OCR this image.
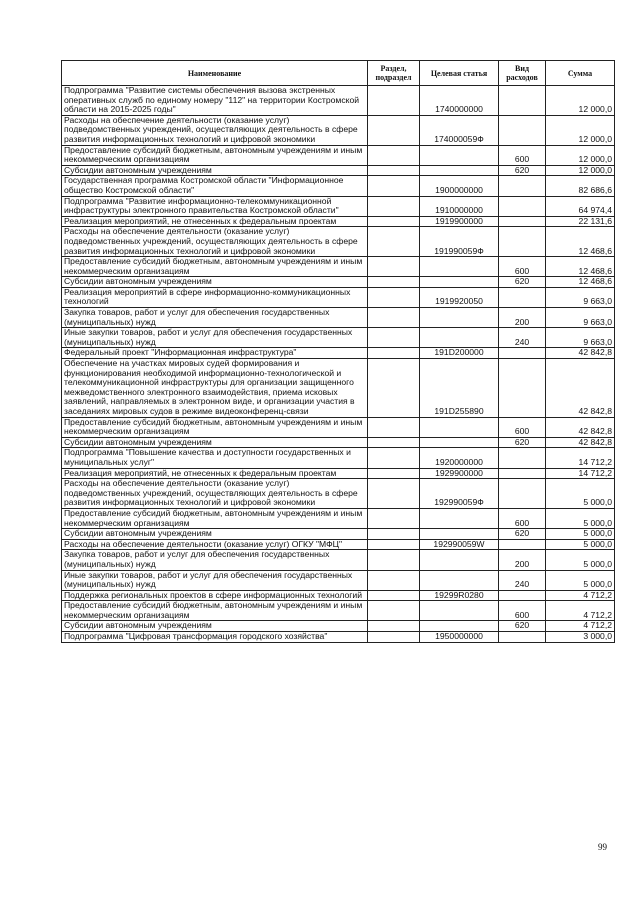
Наименование	Раздел, подраздел	Целевая статья	Вид расходов	Сумма
Подпрограмма "Развитие системы обеспечения вызова экстренных оперативных служб по единому номеру "112" на территории Костромской области на 2015-2025 годы"		1740000000		12 000,0
Расходы на обеспечение деятельности (оказание услуг) подведомственных учреждений, осуществляющих деятельность в сфере развития информационных технологий и цифровой экономики		174000059Ф		12 000,0
Предоставление субсидий бюджетным, автономным учреждениям и иным некоммерческим организациям			600	12 000,0
Субсидии автономным учреждениям			620	12 000,0
Государственная программа Костромской области "Информационное общество Костромской области"		1900000000		82 686,6
Подпрограмма "Развитие информационно-телекоммуникационной инфраструктуры электронного правительства Костромской области"		1910000000		64 974,4
Реализация мероприятий, не отнесенных к федеральным проектам		1919900000		22 131,6
Расходы на обеспечение деятельности (оказание услуг) подведомственных учреждений, осуществляющих деятельность в сфере развития информационных технологий и цифровой экономики		191990059Ф		12 468,6
Предоставление субсидий бюджетным, автономным учреждениям и иным некоммерческим организациям			600	12 468,6
Субсидии автономным учреждениям			620	12 468,6
Реализация мероприятий в сфере информационно-коммуникационных технологий		1919920050		9 663,0
Закупка товаров, работ и услуг для обеспечения государственных (муниципальных) нужд			200	9 663,0
Иные закупки товаров, работ и услуг для обеспечения государственных (муниципальных) нужд			240	9 663,0
Федеральный проект "Информационная инфраструктура"		191D200000		42 842,8
Обеспечение на участках мировых судей формирования и функционирования необходимой информационно-технологической и телекоммуникационной инфраструктуры для организации защищенного межведомственного электронного взаимодействия, приема исковых заявлений, направляемых в электронном виде, и организации участия в заседаниях мировых судов в режиме видеоконференц-связи		191D255890		42 842,8
Предоставление субсидий бюджетным, автономным учреждениям и иным некоммерческим организациям			600	42 842,8
Субсидии автономным учреждениям			620	42 842,8
Подпрограмма "Повышение качества и доступности государственных и муниципальных услуг"		1920000000		14 712,2
Реализация мероприятий, не отнесенных к федеральным проектам		1929900000		14 712,2
Расходы на обеспечение деятельности (оказание услуг) подведомственных учреждений, осуществляющих деятельность в сфере развития информационных технологий и цифровой экономики		192990059Ф		5 000,0
Предоставление субсидий бюджетным, автономным учреждениям и иным некоммерческим организациям			600	5 000,0
Субсидии автономным учреждениям			620	5 000,0
Расходы на обеспечение деятельности (оказание услуг) ОГКУ "МФЦ"		192990059W		5 000,0
Закупка товаров, работ и услуг для обеспечения государственных (муниципальных) нужд			200	5 000,0
Иные закупки товаров, работ и услуг для обеспечения государственных (муниципальных) нужд			240	5 000,0
Поддержка региональных проектов в сфере информационных технологий		19299R0280		4 712,2
Предоставление субсидий бюджетным, автономным учреждениям и иным некоммерческим организациям			600	4 712,2
Субсидии автономным учреждениям			620	4 712,2
Подпрограмма "Цифровая трансформация городского хозяйства"		1950000000		3 000,0
99
